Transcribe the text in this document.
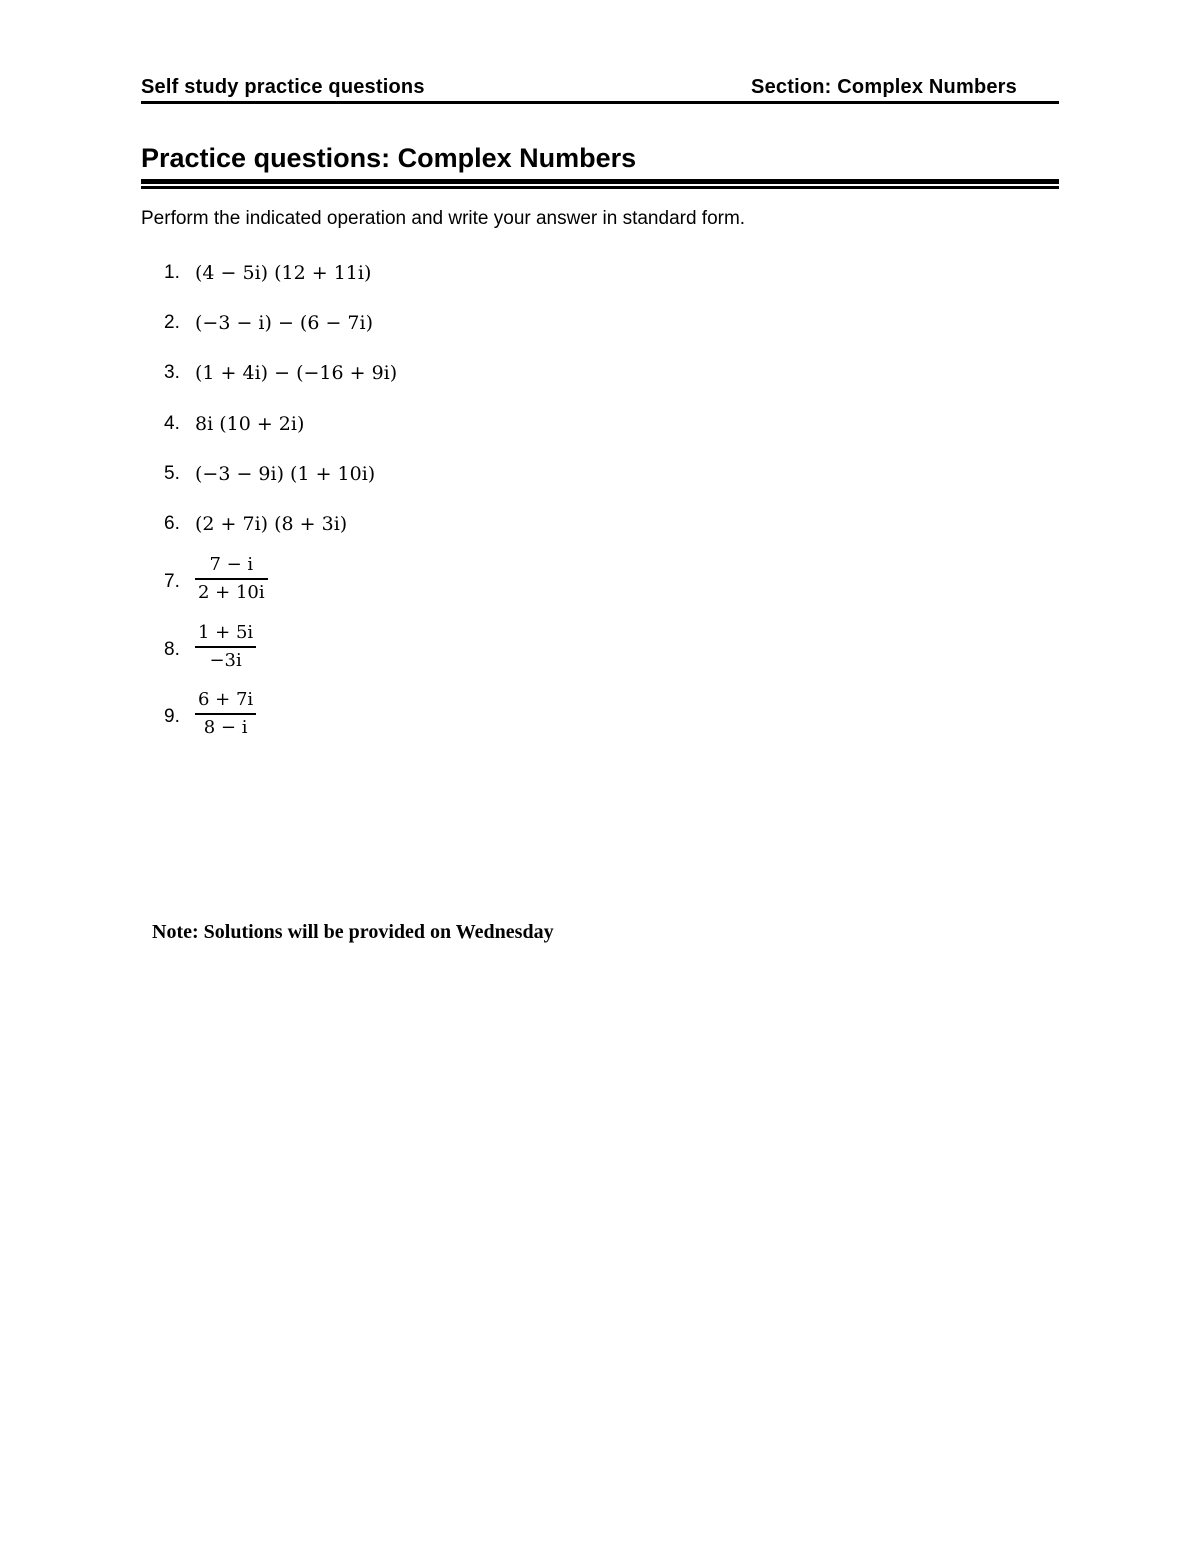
Self study practice questions	Section: Complex Numbers
Practice questions: Complex Numbers
Perform the indicated operation and write your answer in standard form.
1. (4 − 5i) (12 + 11i)
2. (−3 − i) − (6 − 7i)
3. (1 + 4i) − (−16 + 9i)
4. 8i (10 + 2i)
5. (−3 − 9i) (1 + 10i)
6. (2 + 7i) (8 + 3i)
7.
7 − i
2 + 10i
8.
1 + 5i
−3i
9.
6 + 7i
8 − i
Note: Solutions will be provided on Wednesday
